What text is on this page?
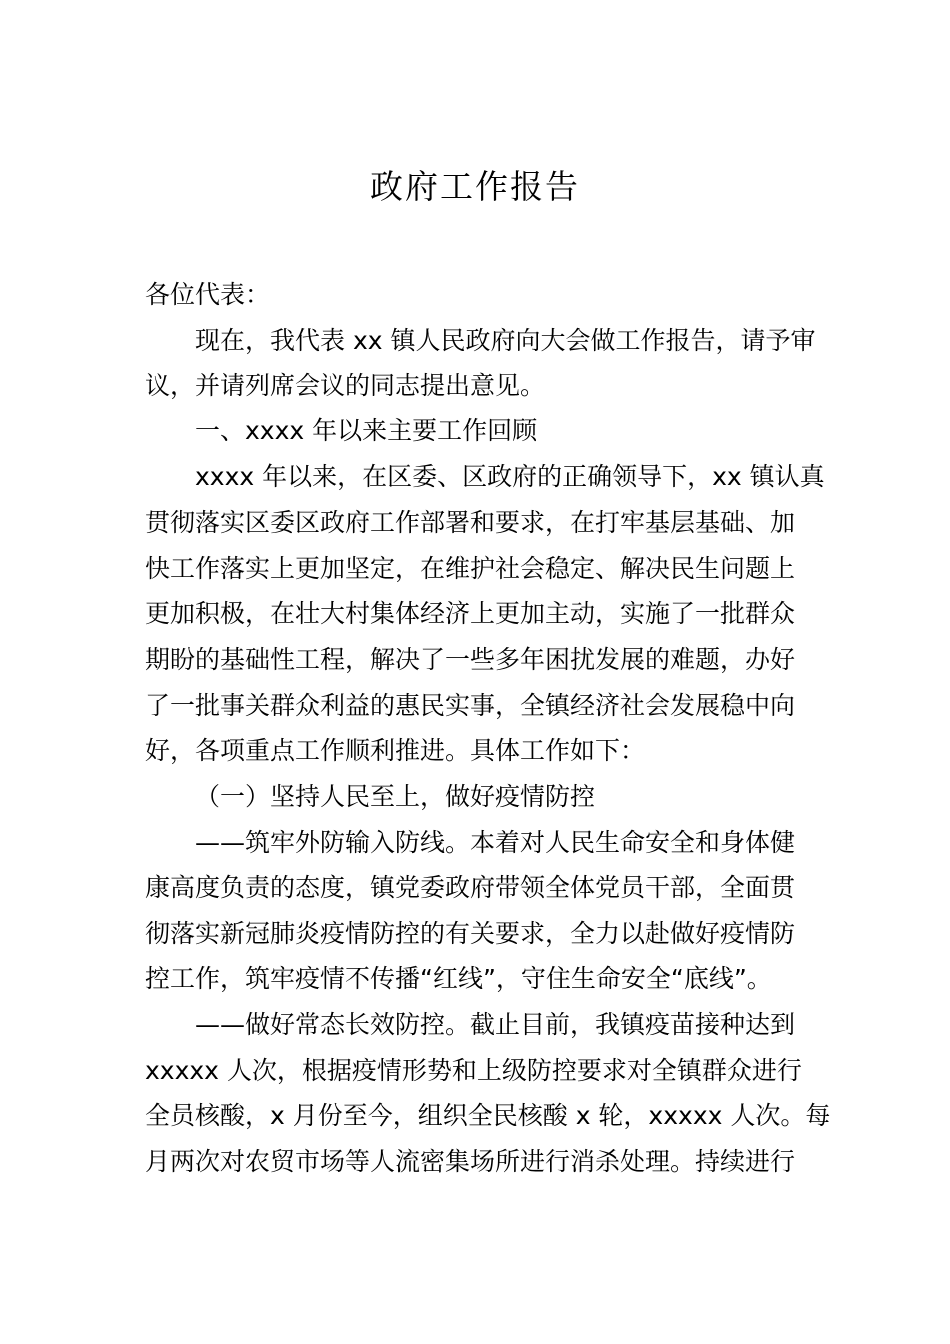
政府工作报告

各位代表：

现在，我代表 xx 镇人民政府向大会做工作报告，请予审

议，并请列席会议的同志提出意见。

一、xxxx 年以来主要工作回顾

xxxx 年以来，在区委、区政府的正确领导下，xx 镇认真

贯彻落实区委区政府工作部署和要求，在打牢基层基础、加

快工作落实上更加坚定，在维护社会稳定、解决民生问题上

更加积极，在壮大村集体经济上更加主动，实施了一批群众

期盼的基础性工程，解决了一些多年困扰发展的难题，办好

了一批事关群众利益的惠民实事，全镇经济社会发展稳中向

好，各项重点工作顺利推进。具体工作如下：

（一）坚持人民至上，做好疫情防控

——筑牢外防输入防线。本着对人民生命安全和身体健

康高度负责的态度，镇党委政府带领全体党员干部，全面贯

彻落实新冠肺炎疫情防控的有关要求，全力以赴做好疫情防

控工作，筑牢疫情不传播“红线”，守住生命安全“底线”。

——做好常态长效防控。截止目前，我镇疫苗接种达到

xxxxx 人次，根据疫情形势和上级防控要求对全镇群众进行

全员核酸，x 月份至今，组织全民核酸 x 轮，xxxxx 人次。每

月两次对农贸市场等人流密集场所进行消杀处理。持续进行
